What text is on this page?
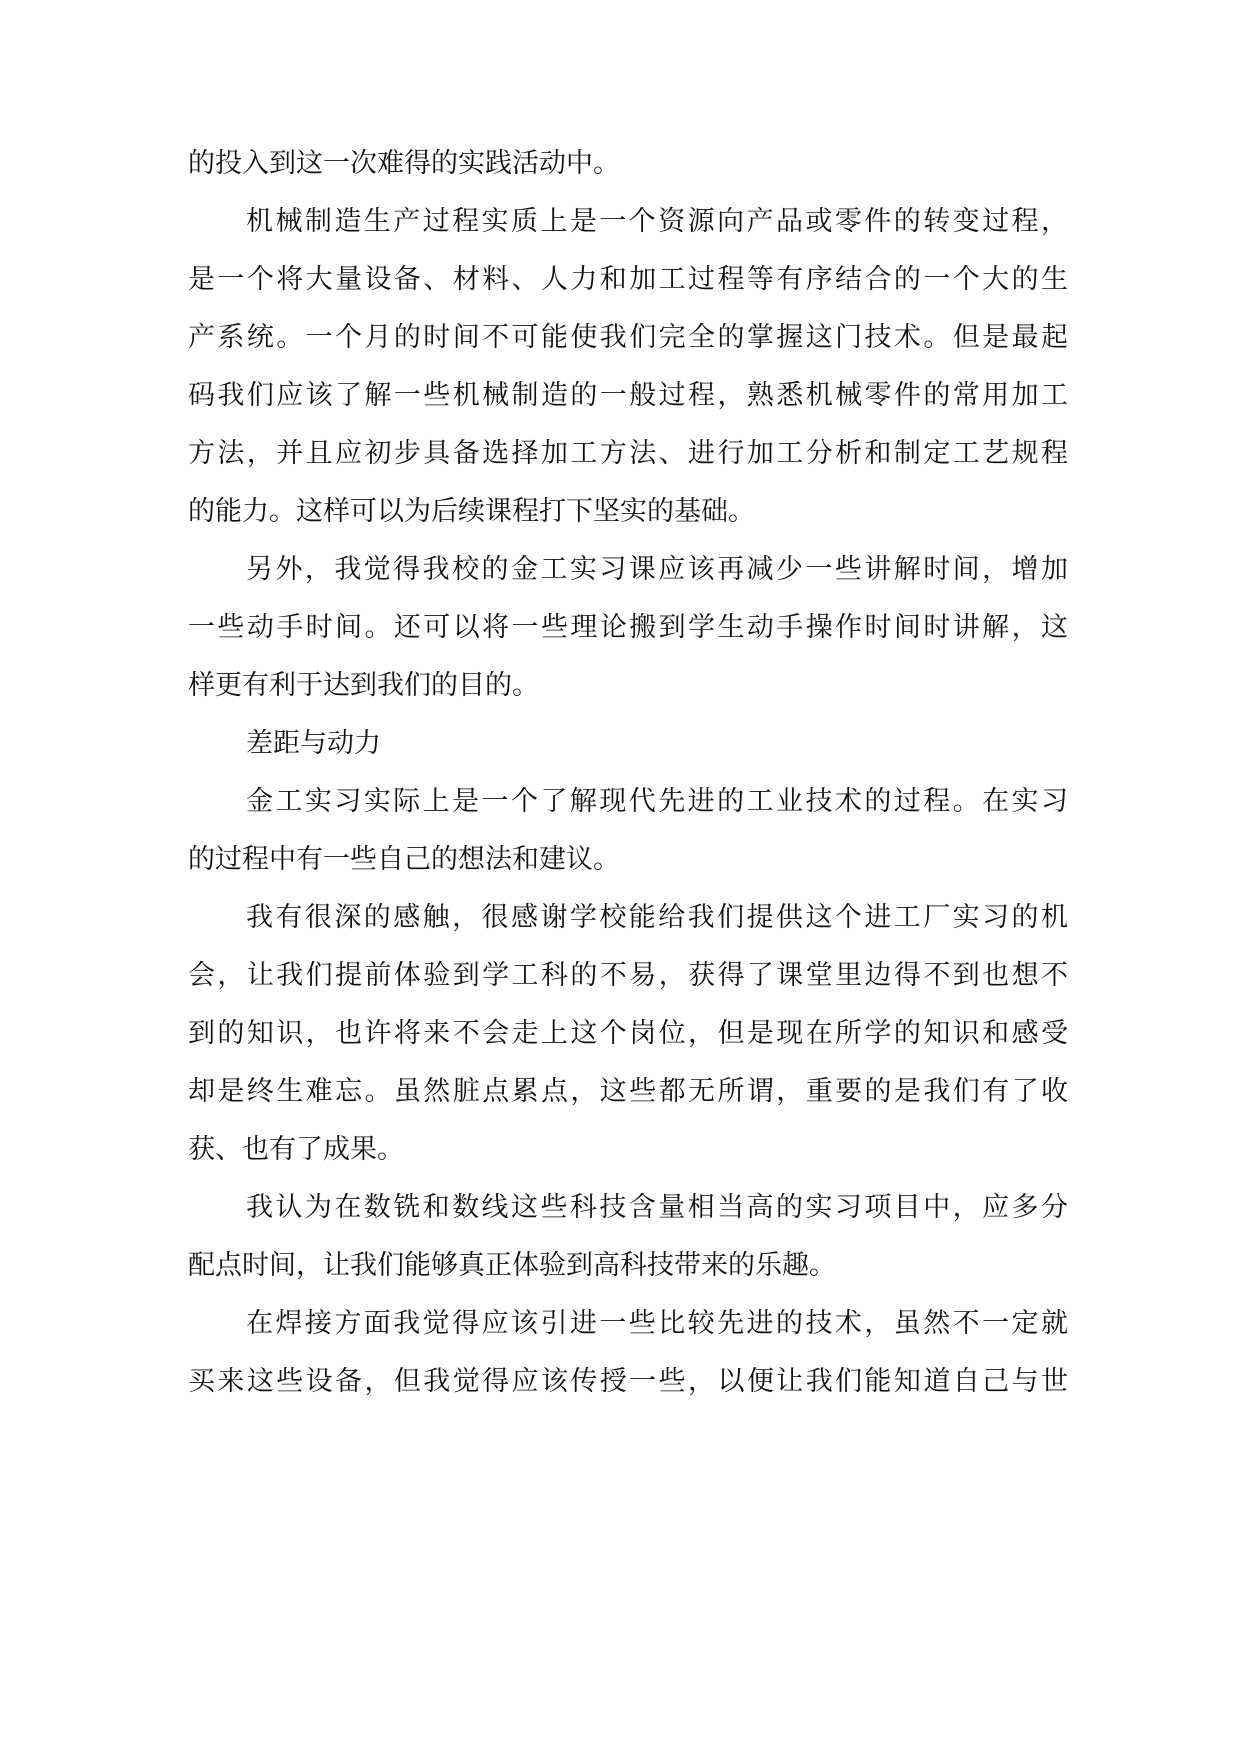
的投入到这一次难得的实践活动中。
机械制造生产过程实质上是一个资源向产品或零件的转变过程，
是一个将大量设备、材料、人力和加工过程等有序结合的一个大的生
产系统。一个月的时间不可能使我们完全的掌握这门技术。但是最起
码我们应该了解一些机械制造的一般过程，熟悉机械零件的常用加工
方法，并且应初步具备选择加工方法、进行加工分析和制定工艺规程
的能力。这样可以为后续课程打下坚实的基础。
另外，我觉得我校的金工实习课应该再减少一些讲解时间，增加
一些动手时间。还可以将一些理论搬到学生动手操作时间时讲解，这
样更有利于达到我们的目的。
差距与动力
金工实习实际上是一个了解现代先进的工业技术的过程。在实习
的过程中有一些自己的想法和建议。
我有很深的感触，很感谢学校能给我们提供这个进工厂实习的机
会，让我们提前体验到学工科的不易，获得了课堂里边得不到也想不
到的知识，也许将来不会走上这个岗位，但是现在所学的知识和感受
却是终生难忘。虽然脏点累点，这些都无所谓，重要的是我们有了收
获、也有了成果。
我认为在数铣和数线这些科技含量相当高的实习项目中，应多分
配点时间，让我们能够真正体验到高科技带来的乐趣。
在焊接方面我觉得应该引进一些比较先进的技术，虽然不一定就
买来这些设备，但我觉得应该传授一些，以便让我们能知道自己与世
